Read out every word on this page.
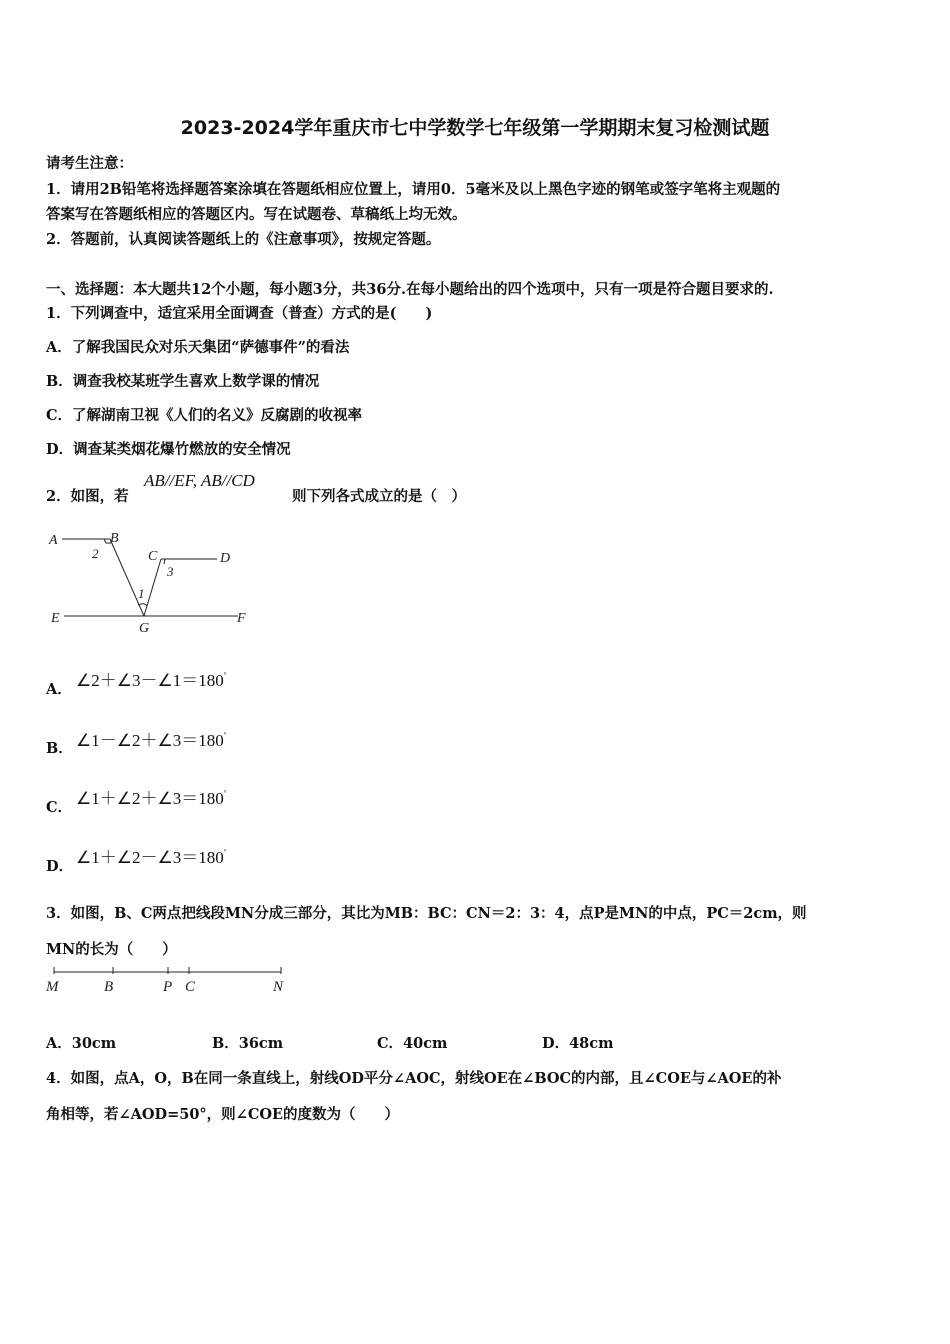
2023-2024学年重庆市七中学数学七年级第一学期期末复习检测试题
请考生注意：
1．请用2B铅笔将选择题答案涂填在答题纸相应位置上，请用0．5毫米及以上黑色字迹的钢笔或签字笔将主观题的
答案写在答题纸相应的答题区内。写在试题卷、草稿纸上均无效。
2．答题前，认真阅读答题纸上的《注意事项》，按规定答题。
一、选择题：本大题共12个小题，每小题3分，共36分.在每小题给出的四个选项中，只有一项是符合题目要求的.
1．下列调查中，适宜采用全面调查（普查）方式的是(　　)
A．了解我国民众对乐天集团“萨德事件”的看法
B．调查我校某班学生喜欢上数学课的情况
C．了解湖南卫视《人们的名义》反腐剧的收视率
D．调查某类烟花爆竹燃放的安全情况
2．如图，若
AB//EF, AB//CD
则下列各式成立的是（　）
A	B
2	C
3
D
1
E
G
F
A． ∠2＋∠3－∠1＝180°
B． ∠1－∠2＋∠3＝180°
C． ∠1＋∠2＋∠3＝180°
D． ∠1＋∠2－∠3＝180°
3．如图，B、C两点把线段MN分成三部分，其比为MB：BC：CN＝2：3：4，点P是MN的中点，PC＝2cm，则
MN的长为（　　）
M	B	P C	N
A．30cm	B．36cm	C．40cm	D．48cm
4．如图，点A，O，B在同一条直线上，射线OD平分∠AOC，射线OE在∠BOC的内部，且∠COE与∠AOE的补
角相等，若∠AOD=50°，则∠COE的度数为（　　）
